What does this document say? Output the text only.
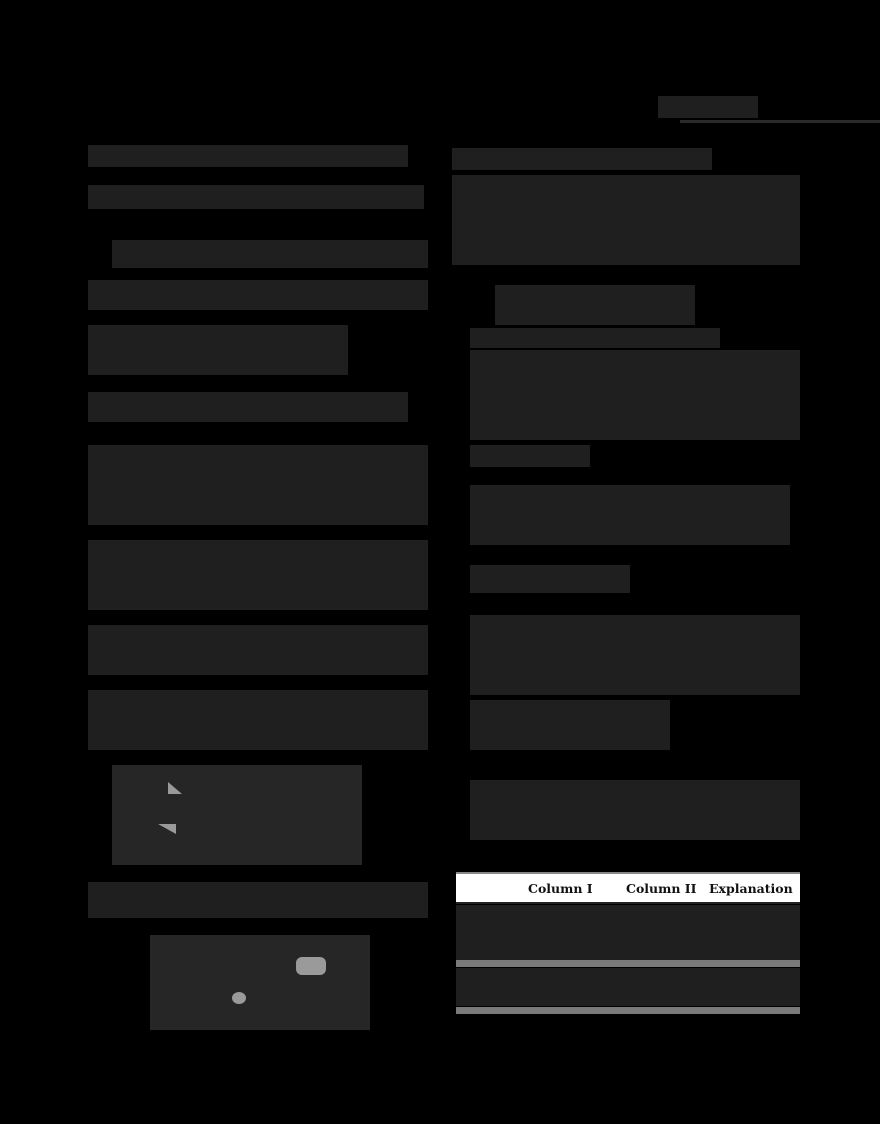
Column I	Column II Explanation
